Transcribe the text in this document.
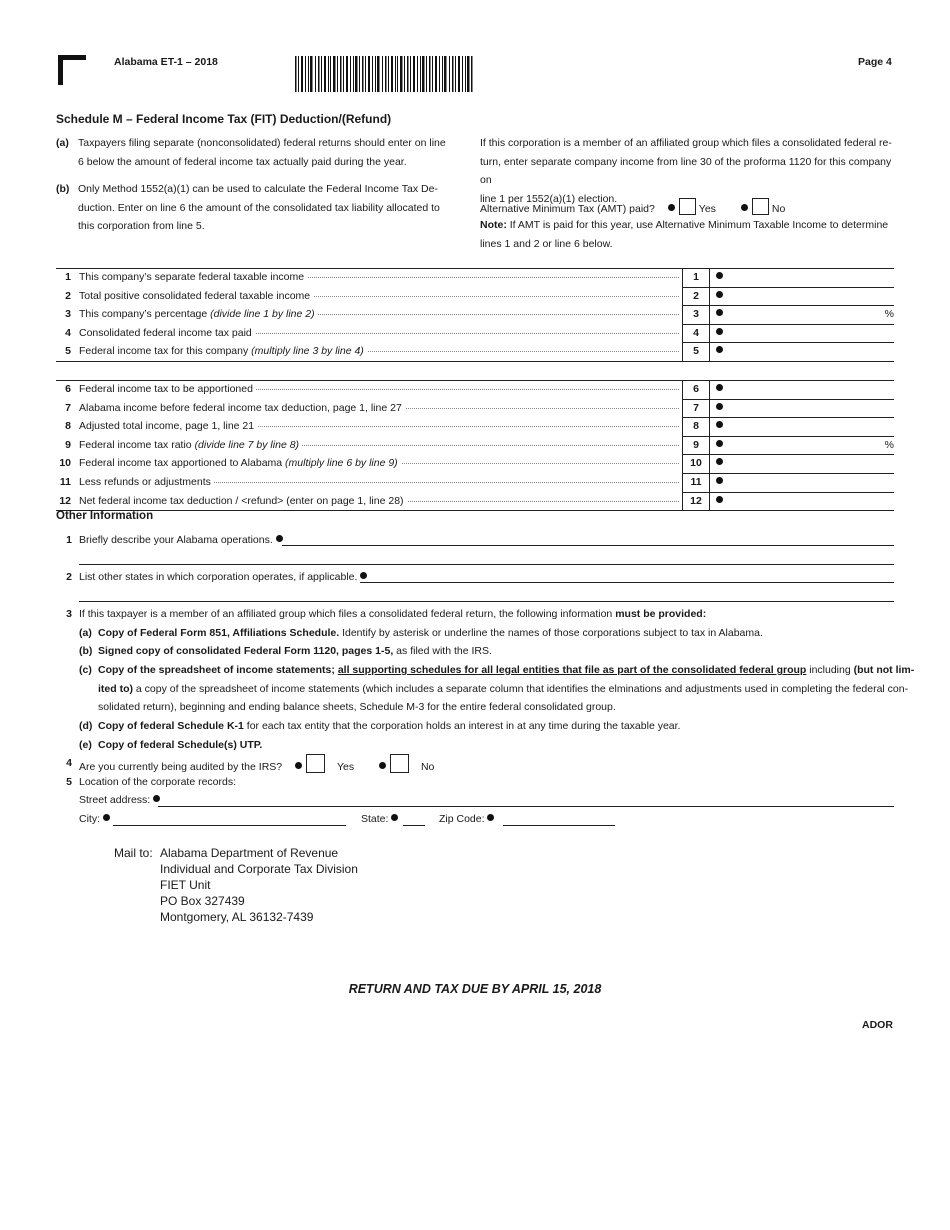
Alabama ET-1 – 2018	Page 4
Schedule M – Federal Income Tax (FIT) Deduction/(Refund)
(a) Taxpayers filing separate (nonconsolidated) federal returns should enter on line
6 below the amount of federal income tax actually paid during the year.
(b) Only Method 1552(a)(1) can be used to calculate the Federal Income Tax De-
duction. Enter on line 6 the amount of the consolidated tax liability allocated to
this corporation from line 5.
If this corporation is a member of an affiliated group which files a consolidated federal re-
turn, enter separate company income from line 30 of the proforma 1120 for this company on
line 1 per 1552(a)(1) election.
Alternative Minimum Tax (AMT) paid?	Yes	No
Note: If AMT is paid for this year, use Alternative Minimum Taxable Income to determine
lines 1 and 2 or line 6 below.
1 This company’s separate federal taxable income	1
2 Total positive consolidated federal taxable income	2
3 This company’s percentage (divide line 1 by line 2)	3	%
4 Consolidated federal income tax paid	4
5 Federal income tax for this company (multiply line 3 by line 4)	5
6 Federal income tax to be apportioned	6
7 Alabama income before federal income tax deduction, page 1, line 27	7
8 Adjusted total income, page 1, line 21	8
9 Federal income tax ratio (divide line 7 by line 8)	9	%
10 Federal income tax apportioned to Alabama (multiply line 6 by line 9)	10
11 Less refunds or adjustments	11
12 Net federal income tax deduction / <refund> (enter on page 1, line 28)	12
Other Information
1 Briefly describe your Alabama operations.
2 List other states in which corporation operates, if applicable.
3 If this taxpayer is a member of an affiliated group which files a consolidated federal return, the following information must be provided:
(a) Copy of Federal Form 851, Affiliations Schedule. Identify by asterisk or underline the names of those corporations subject to tax in Alabama.
(b) Signed copy of consolidated Federal Form 1120, pages 1-5, as filed with the IRS.
(c) Copy of the spreadsheet of income statements; all supporting schedules for all legal entities that file as part of the consolidated federal group including (but not lim-
ited to) a copy of the spreadsheet of income statements (which includes a separate column that identifies the elminations and adjustments used in completing the federal con-
solidated return), beginning and ending balance sheets, Schedule M-3 for the entire federal consolidated group.
(d) Copy of federal Schedule K-1 for each tax entity that the corporation holds an interest in at any time during the taxable year.
(e) Copy of federal Schedule(s) UTP.
4 Are you currently being audited by the IRS?	Yes	No
5 Location of the corporate records:
Street address:
City:	State:	Zip Code:
Mail to: Alabama Department of Revenue
Individual and Corporate Tax Division
FIET Unit
PO Box 327439
Montgomery, AL 36132-7439
RETURN AND TAX DUE BY APRIL 15, 2018
ADOR
